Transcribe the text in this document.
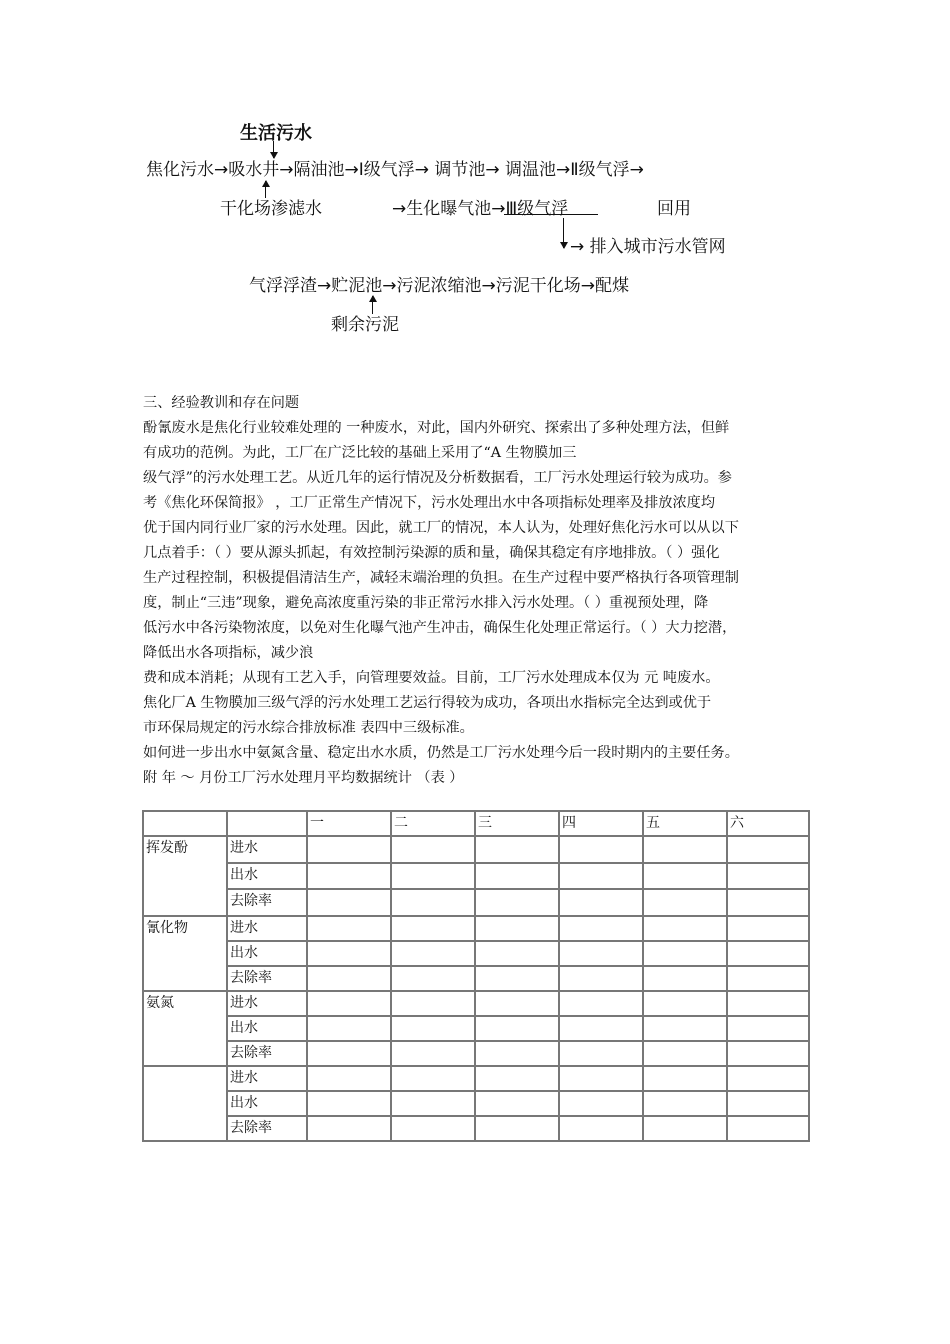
生活污水
焦化污水→吸水井→隔油池→Ⅰ级气浮→ 调节池→ 调温池→Ⅱ级气浮→
干化场渗滤水	→生化曝气池→Ⅲ级气浮	回用
→ 排入城市污水管网
气浮浮渣→贮泥池→污泥浓缩池→污泥干化场→配煤
剩余污泥
三、经验教训和存在问题
酚氰废水是焦化行业较难处理的 一种废水，对此，国内外研究、探索出了多种处理方法，但鲜
有成功的范例。为此，工厂在广泛比较的基础上采用了“A 生物膜加三
级气浮”的污水处理工艺。从近几年的运行情况及分析数据看，工厂污水处理运行较为成功。参
考《焦化环保简报》 ，工厂正常生产情况下，污水处理出水中各项指标处理率及排放浓度均
优于国内同行业厂家的污水处理。因此，就工厂的情况，本人认为，处理好焦化污水可以从以下
几点着手：（ ）要从源头抓起，有效控制污染源的质和量，确保其稳定有序地排放。（ ）强化
生产过程控制，积极提倡清洁生产，减轻末端治理的负担。在生产过程中要严格执行各项管理制
度，制止“三违”现象，避免高浓度重污染的非正常污水排入污水处理。（ ）重视预处理，降
低污水中各污染物浓度，以免对生化曝气池产生冲击，确保生化处理正常运行。（ ）大力挖潜，
降低出水各项指标，减少浪
费和成本消耗；从现有工艺入手，向管理要效益。目前，工厂污水处理成本仅为 元 吨废水。
焦化厂A 生物膜加三级气浮的污水处理工艺运行得较为成功，各项出水指标完全达到或优于
市环保局规定的污水综合排放标准 表四中三级标准。
如何进一步出水中氨氮含量、稳定出水水质，仍然是工厂污水处理今后一段时期内的主要任务。
附 年 ～ 月份工厂污水处理月平均数据统计 （表 ）
		一	二	三	四	五	六
挥发酚	进水						
	出水						
	去除率						
氰化物	进水						
	出水						
	去除率						
氨氮	进水						
	出水						
	去除率						
	进水						
	出水						
	去除率						
